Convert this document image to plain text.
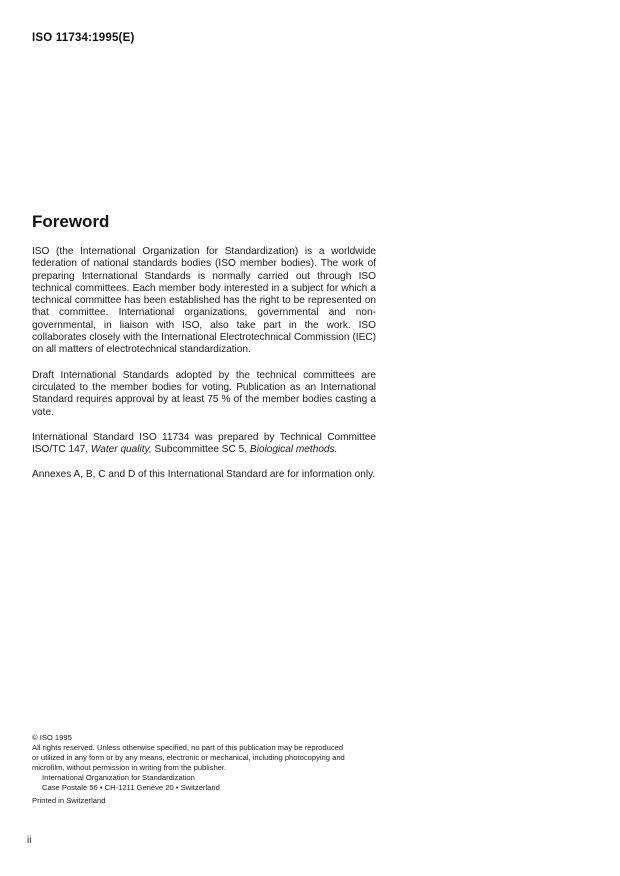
ISO 11734:1995(E)
Foreword

ISO (the International Organization for Standardization) is a worldwide federation of national standards bodies (ISO member bodies). The work of preparing International Standards is normally carried out through ISO technical committees. Each member body interested in a subject for which a technical committee has been established has the right to be represented on that committee. International organizations, governmental and non-governmental, in liaison with ISO, also take part in the work. ISO collaborates closely with the International Electrotechnical Commission (IEC) on all matters of electrotechnical standardization.

Draft International Standards adopted by the technical committees are circulated to the member bodies for voting. Publication as an International Standard requires approval by at least 75 % of the member bodies casting a vote.

International Standard ISO 11734 was prepared by Technical Committee ISO/TC 147, Water quality, Subcommittee SC 5, Biological methods.

Annexes A, B, C and D of this International Standard are for information only.

© ISO 1995
All rights reserved. Unless otherwise specified, no part of this publication may be reproduced
or utilized in any form or by any means, electronic or mechanical, including photocopying and
microfilm, without permission in writing from the publisher.
International Organization for Standardization
Case Postale 56 • CH-1211 Genève 20 • Switzerland
Printed in Switzerland
ii
